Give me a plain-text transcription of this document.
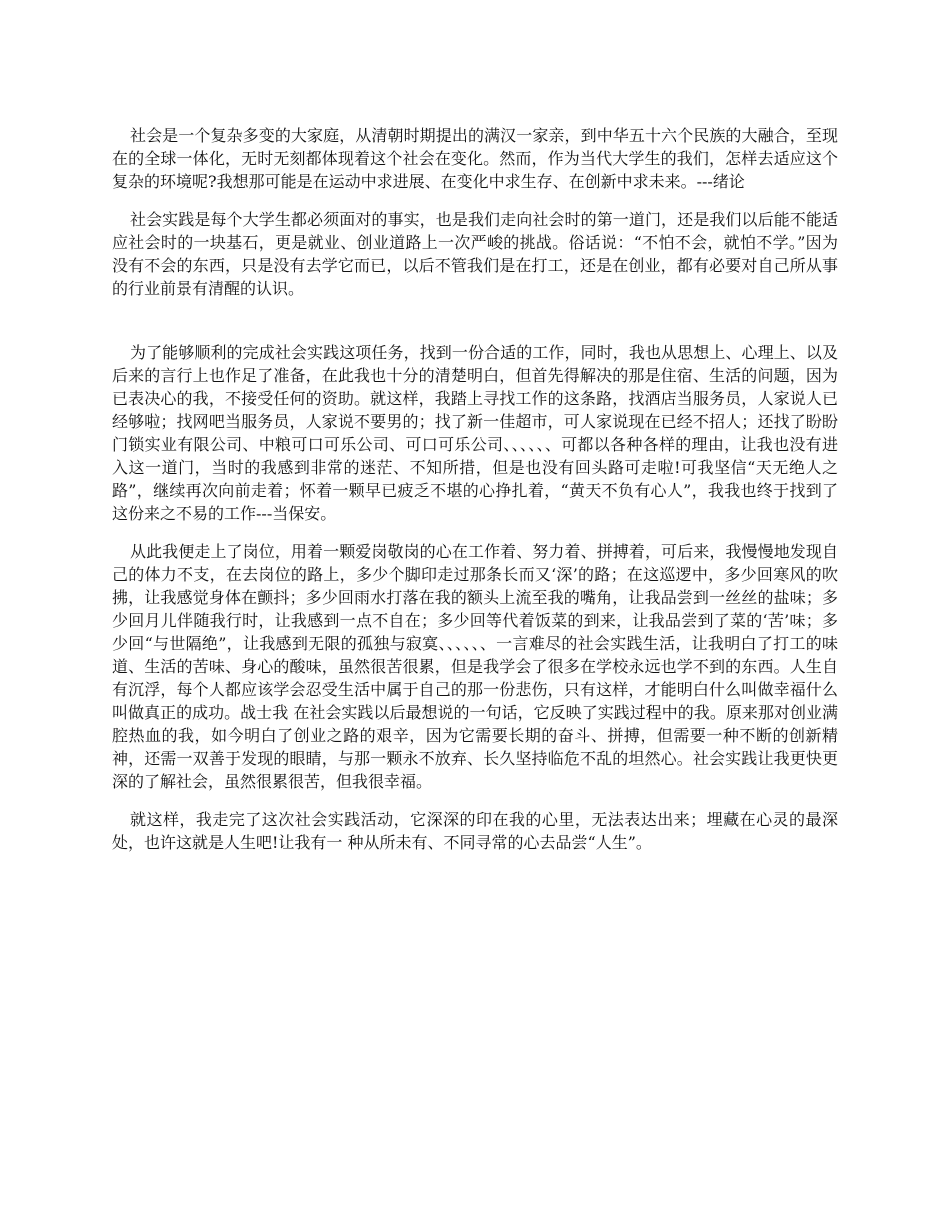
社会是一个复杂多变的大家庭，从清朝时期提出的满汉一家亲，到中华五十六个民族的大融合，至现在的全球一体化，无时无刻都体现着这个社会在变化。然而，作为当代大学生的我们，怎样去适应这个复杂的环境呢?我想那可能是在运动中求进展、在变化中求生存、在创新中求未来。---绪论

社会实践是每个大学生都必须面对的事实，也是我们走向社会时的第一道门，还是我们以后能不能适应社会时的一块基石，更是就业、创业道路上一次严峻的挑战。俗话说：“不怕不会，就怕不学。”因为没有不会的东西，只是没有去学它而已，以后不管我们是在打工，还是在创业，都有必要对自己所从事的行业前景有清醒的认识。

为了能够顺利的完成社会实践这项任务，找到一份合适的工作，同时，我也从思想上、心理上、以及后来的言行上也作足了准备，在此我也十分的清楚明白，但首先得解决的那是住宿、生活的问题，因为已表决心的我，不接受任何的资助。就这样，我踏上寻找工作的这条路，找酒店当服务员，人家说人已经够啦；找网吧当服务员，人家说不要男的；找了新一佳超市，可人家说现在已经不招人；还找了盼盼门锁实业有限公司、中粮可口可乐公司、可口可乐公司、、、、、、可都以各种各样的理由，让我也没有进入这一道门，当时的我感到非常的迷茫、不知所措，但是也没有回头路可走啦!可我坚信“天无绝人之路”，继续再次向前走着；怀着一颗早已疲乏不堪的心挣扎着，“黄天不负有心人”，我我也终于找到了这份来之不易的工作---当保安。

从此我便走上了岗位，用着一颗爱岗敬岗的心在工作着、努力着、拼搏着，可后来，我慢慢地发现自己的体力不支，在去岗位的路上，多少个脚印走过那条长而又‘深’的路；在这巡逻中，多少回寒风的吹拂，让我感觉身体在颤抖；多少回雨水打落在我的额头上流至我的嘴角，让我品尝到一丝丝的盐味；多少回月儿伴随我行时，让我感到一点不自在；多少回等代着饭菜的到来，让我品尝到了菜的‘苦’味；多少回“与世隔绝”，让我感到无限的孤独与寂寞、、、、、、一言难尽的社会实践生活，让我明白了打工的味道、生活的苦味、身心的酸味，虽然很苦很累，但是我学会了很多在学校永远也学不到的东西。人生自有沉浮，每个人都应该学会忍受生活中属于自己的那一份悲伤，只有这样，才能明白什么叫做幸福什么叫做真正的成功。战士我 在社会实践以后最想说的一句话，它反映了实践过程中的我。原来那对创业满腔热血的我，如今明白了创业之路的艰辛，因为它需要长期的奋斗、拼搏，但需要一种不断的创新精神，还需一双善于发现的眼睛，与那一颗永不放弃、长久坚持临危不乱的坦然心。社会实践让我更快更深的了解社会，虽然很累很苦，但我很幸福。

就这样，我走完了这次社会实践活动，它深深的印在我的心里，无法表达出来；埋藏在心灵的最深处，也许这就是人生吧!让我有一 种从所未有、不同寻常的心去品尝“人生”。
